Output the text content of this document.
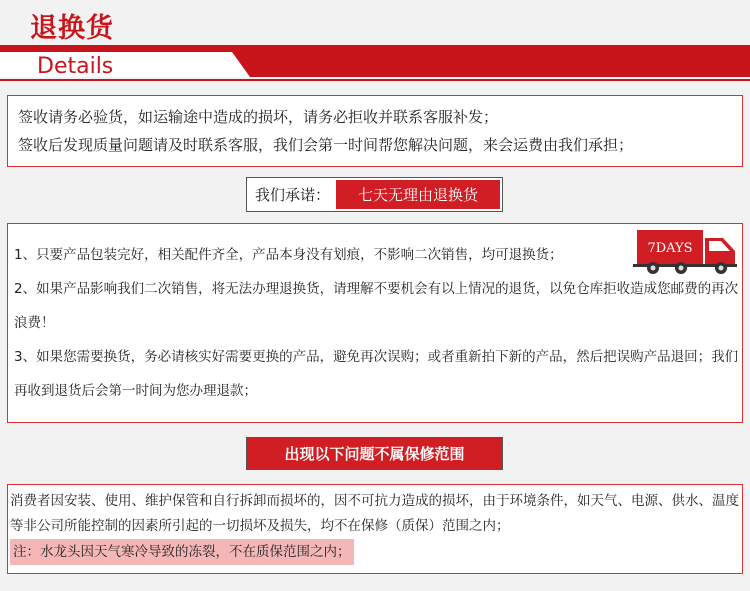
退换货
Details

签收请务必验货，如运输途中造成的损坏，请务必拒收并联系客服补发；

签收后发现质量问题请及时联系客服，我们会第一时间帮您解决问题，来会运费由我们承担；

我们承诺：	七天无理由退换货

1、只要产品包装完好，相关配件齐全，产品本身没有划痕，不影响二次销售，均可退换货；

2、如果产品影响我们二次销售，将无法办理退换货，请理解不要机会有以上情况的退货，以免仓库拒收造成您邮费的再次浪费！

3、如果您需要换货，务必请核实好需要更换的产品，避免再次误购；或者重新拍下新的产品，然后把误购产品退回；我们再收到退货后会第一时间为您办理退款；

7DAYS
出现以下问题不属保修范围

消费者因安装、使用、维护保管和自行拆卸而损坏的，因不可抗力造成的损坏，由于环境条件，如天气、电源、供水、温度等非公司所能控制的因素所引起的一切损坏及损失，均不在保修（质保）范围之内；

注：水龙头因天气寒冷导致的冻裂，不在质保范围之内；
